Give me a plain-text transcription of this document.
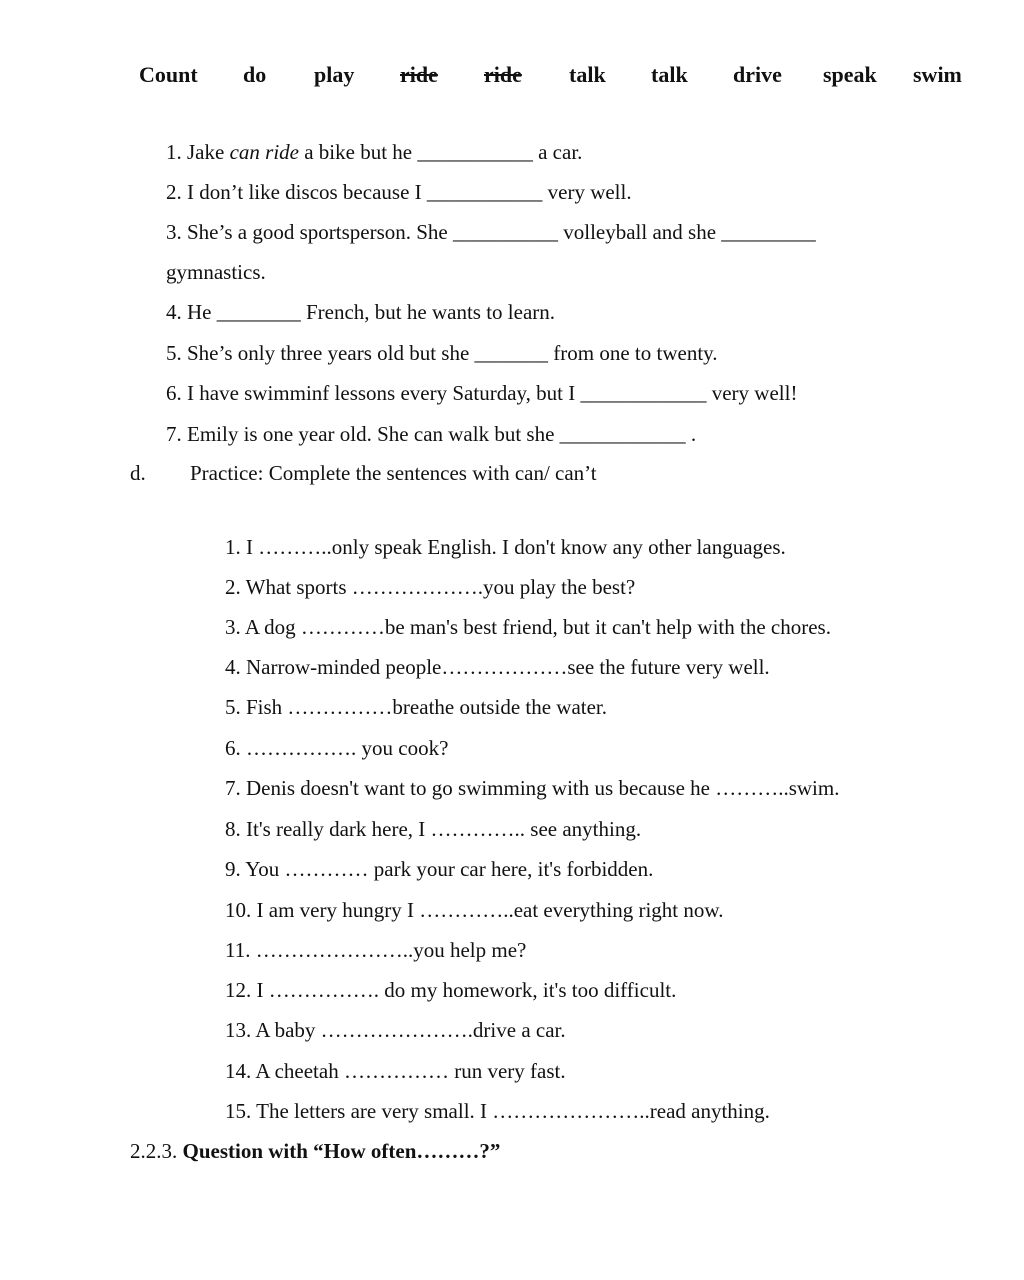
Count do play ride ride talk talk drive speak swim
1. Jake can ride a bike but he ___________ a car.
2. I don’t like discos because I ___________ very well.
3. She’s a good sportsperson. She __________ volleyball and she _________
gymnastics.
4. He ________ French, but he wants to learn.
5. She’s only three years old but she _______ from one to twenty.
6. I have swimminf lessons every Saturday, but I ____________ very well!
7. Emily is one year old. She can walk but she ____________ .
d. Practice: Complete the sentences with can/ can’t
1. I ………..only speak English. I don't know any other languages.
2. What sports ……………….you play the best?
3. A dog …………be man's best friend, but it can't help with the chores.
4. Narrow-minded people………………see the future very well.
5. Fish ……………breathe outside the water.
6. ……………. you cook?
7. Denis doesn't want to go swimming with us because he ………..swim.
8. It's really dark here, I ………….. see anything.
9. You ………… park your car here, it's forbidden.
10. I am very hungry I …………..eat everything right now.
11. …………………..you help me?
12. I ……………. do my homework, it's too difficult.
13. A baby ………………….drive a car.
14. A cheetah …………… run very fast.
15. The letters are very small. I …………………..read anything.
2.2.3. Question with “How often………?”
